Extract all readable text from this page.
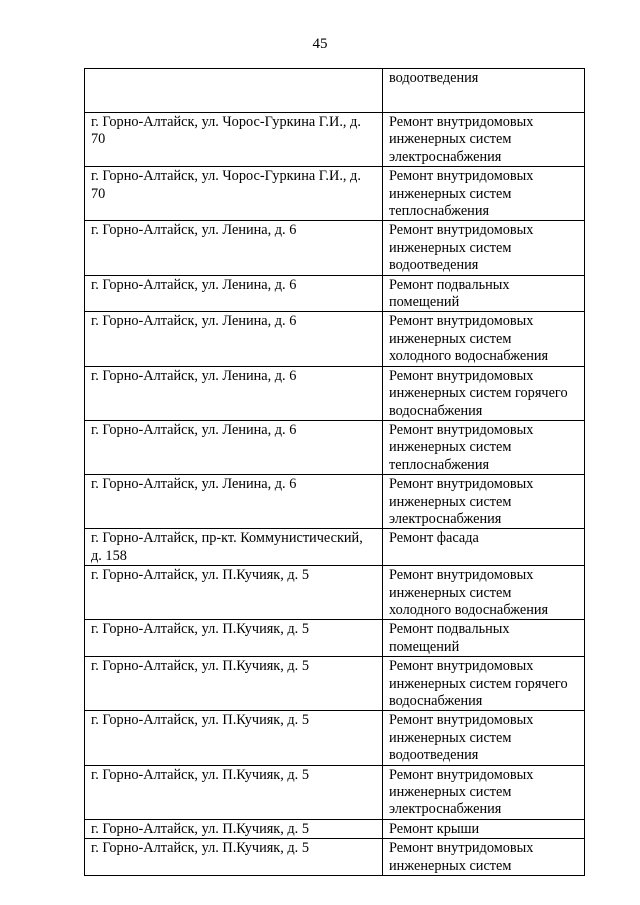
45

	водоотведения

г. Горно-Алтайск, ул. Чорос-Гуркина Г.И., д. 70	Ремонт внутридомовых
инженерных систем
электроснабжения

г. Горно-Алтайск, ул. Чорос-Гуркина Г.И., д. 70	Ремонт внутридомовых
инженерных систем
теплоснабжения

г. Горно-Алтайск, ул. Ленина, д. 6	Ремонт внутридомовых
инженерных систем
водоотведения

г. Горно-Алтайск, ул. Ленина, д. 6	Ремонт подвальных
помещений

г. Горно-Алтайск, ул. Ленина, д. 6	Ремонт внутридомовых
инженерных систем
холодного водоснабжения

г. Горно-Алтайск, ул. Ленина, д. 6	Ремонт внутридомовых
инженерных систем горячего
водоснабжения

г. Горно-Алтайск, ул. Ленина, д. 6	Ремонт внутридомовых
инженерных систем
теплоснабжения

г. Горно-Алтайск, ул. Ленина, д. 6	Ремонт внутридомовых
инженерных систем
электроснабжения

г. Горно-Алтайск, пр-кт. Коммунистический, д. 158	Ремонт фасада

г. Горно-Алтайск, ул. П.Кучияк, д. 5	Ремонт внутридомовых
инженерных систем
холодного водоснабжения

г. Горно-Алтайск, ул. П.Кучияк, д. 5	Ремонт подвальных
помещений

г. Горно-Алтайск, ул. П.Кучияк, д. 5	Ремонт внутридомовых
инженерных систем горячего
водоснабжения

г. Горно-Алтайск, ул. П.Кучияк, д. 5	Ремонт внутридомовых
инженерных систем
водоотведения

г. Горно-Алтайск, ул. П.Кучияк, д. 5	Ремонт внутридомовых
инженерных систем
электроснабжения

г. Горно-Алтайск, ул. П.Кучияк, д. 5	Ремонт крыши

г. Горно-Алтайск, ул. П.Кучияк, д. 5	Ремонт внутридомовых
инженерных систем
